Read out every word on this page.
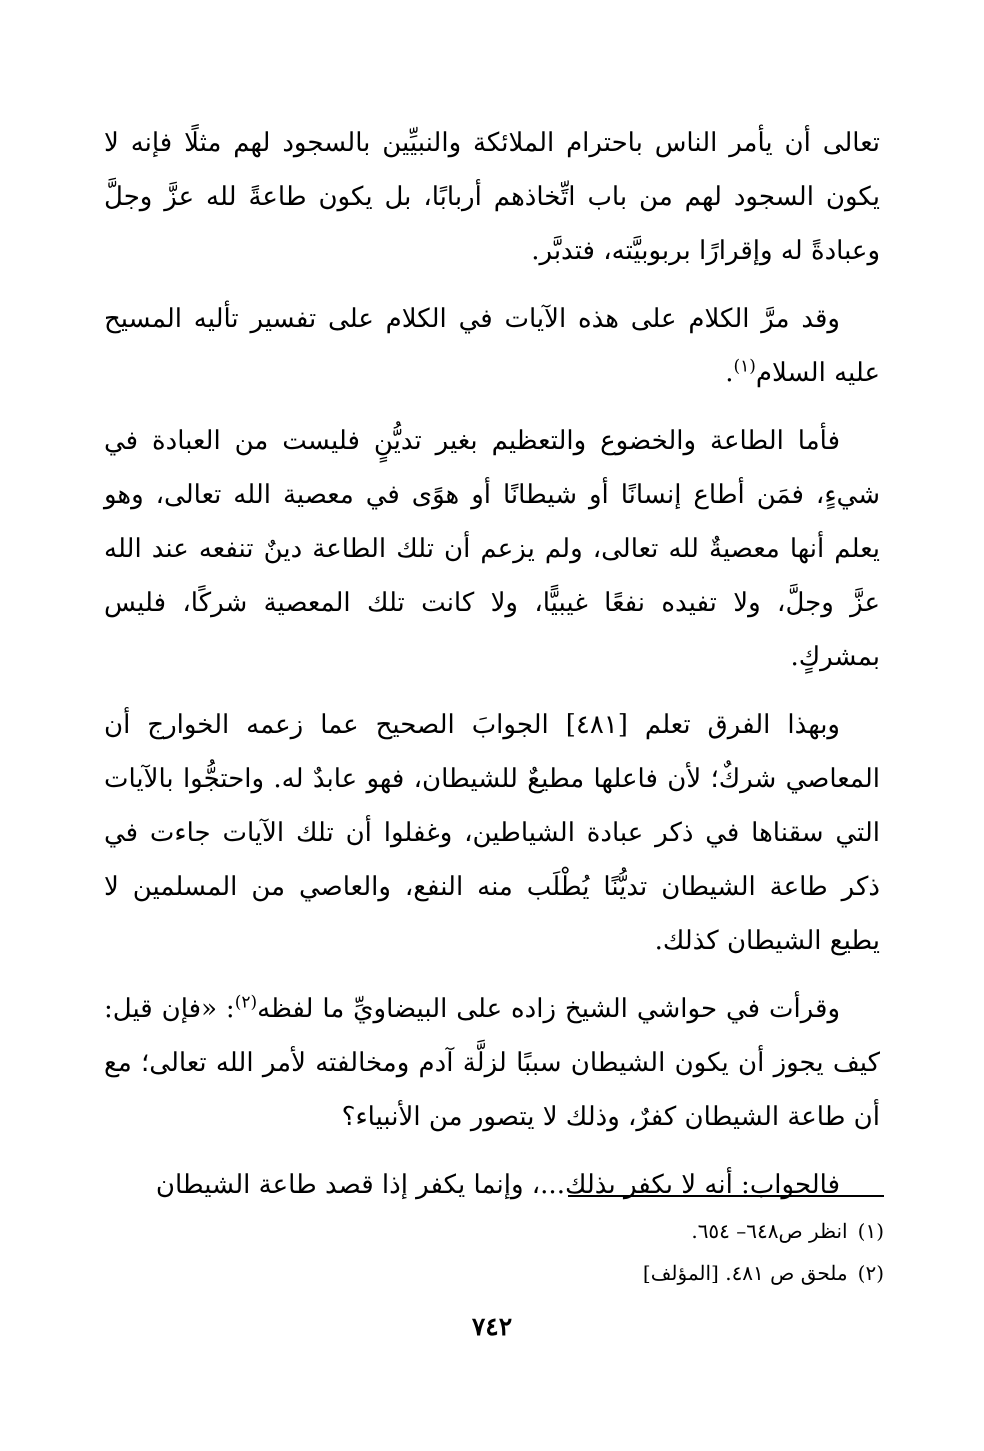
تعالى أن يأمر الناس باحترام الملائكة والنبيِّين بالسجود لهم مثلًا فإنه لا يكون السجود لهم من باب اتِّخاذهم أربابًا، بل يكون طاعةً لله عزَّ وجلَّ وعبادةً له وإقرارًا بربوبيَّته، فتدبَّر.

وقد مرَّ الكلام على هذه الآيات في الكلام على تفسير تأليه المسيح عليه السلام$^{(١)}$.

فأما الطاعة والخضوع والتعظيم بغير تديُّنٍ فليست من العبادة في شيءٍ، فمَن أطاع إنسانًا أو شيطانًا أو هوًى في معصية الله تعالى، وهو يعلم أنها معصيةٌ لله تعالى، ولم يزعم أن تلك الطاعة دينٌ تنفعه عند الله عزَّ وجلَّ، ولا تفيده نفعًا غيبيًّا، ولا كانت تلك المعصية شركًا، فليس بمشركٍ.

وبهذا الفرق تعلم [٤٨١] الجوابَ الصحيح عما زعمه الخوارج أن المعاصي شركٌ؛ لأن فاعلها مطيعٌ للشيطان، فهو عابدٌ له. واحتجُّوا بالآيات التي سقناها في ذكر عبادة الشياطين، وغفلوا أن تلك الآيات جاءت في ذكر طاعة الشيطان تديُّنًا يُطْلَب منه النفع، والعاصي من المسلمين لا يطيع الشيطان كذلك.

وقرأت في حواشي الشيخ زاده على البيضاويِّ ما لفظه$^{(٢)}$: «فإن قيل: كيف يجوز أن يكون الشيطان سببًا لزلَّة آدم ومخالفته لأمر الله تعالى؛ مع أن طاعة الشيطان كفرٌ، وذلك لا يتصور من الأنبياء؟

فالجواب: أنه لا يكفر بذلك...، وإنما يكفر إذا قصد طاعة الشيطان

(١)انظر ص٦٤٨– ٦٥٤.
(٢)ملحق ص ٤٨١. [المؤلف]
٧٤٢
